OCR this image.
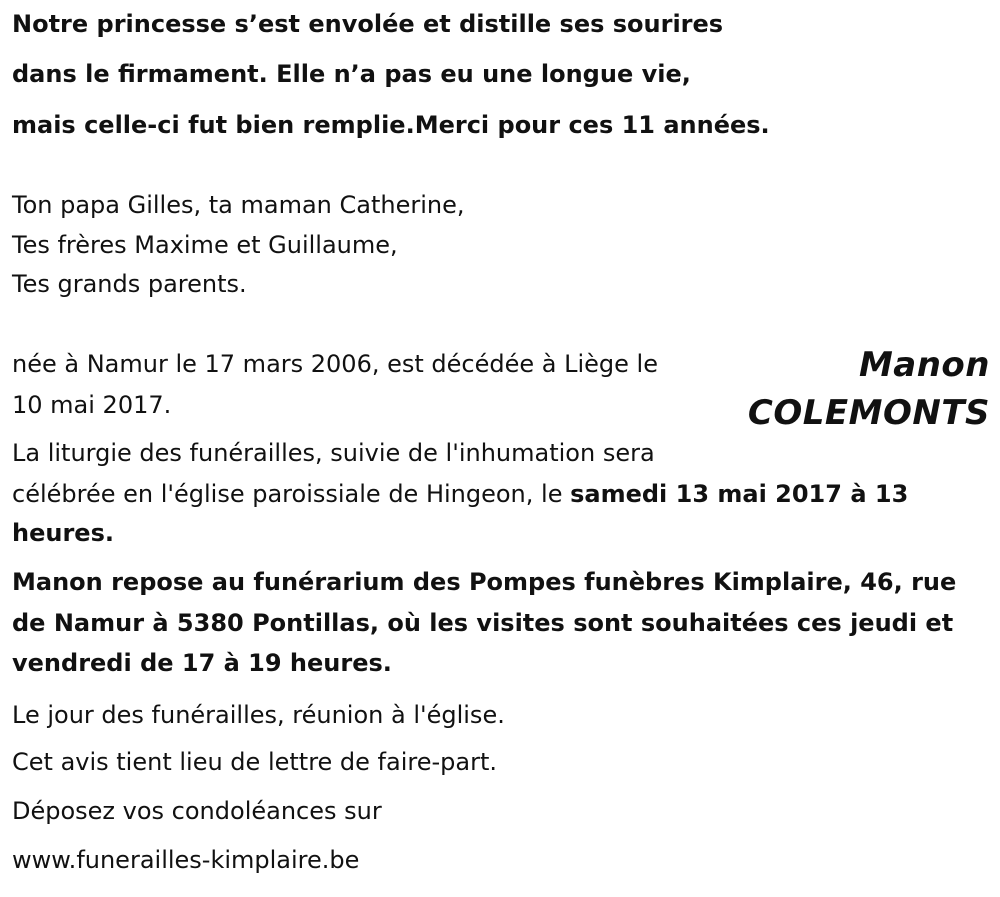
Notre princesse s’est envolée et distille ses sourires
dans le firmament. Elle n’a pas eu une longue vie,
mais celle-ci fut bien remplie.Merci pour ces 11 années.
Ton papa Gilles, ta maman Catherine,
Tes frères Maxime et Guillaume,
Tes grands parents.
Manon
COLEMONTS
née à Namur le 17 mars 2006, est décédée à Liège le
10 mai 2017.
La liturgie des funérailles, suivie de l'inhumation sera
célébrée en l'église paroissiale de Hingeon, le samedi 13 mai 2017 à 13
heures.
Manon repose au funérarium des Pompes funèbres Kimplaire, 46, rue
de Namur à 5380 Pontillas, où les visites sont souhaitées ces jeudi et
vendredi de 17 à 19 heures.
Le jour des funérailles, réunion à l'église.
Cet avis tient lieu de lettre de faire-part.
Déposez vos condoléances sur
www.funerailles-kimplaire.be
